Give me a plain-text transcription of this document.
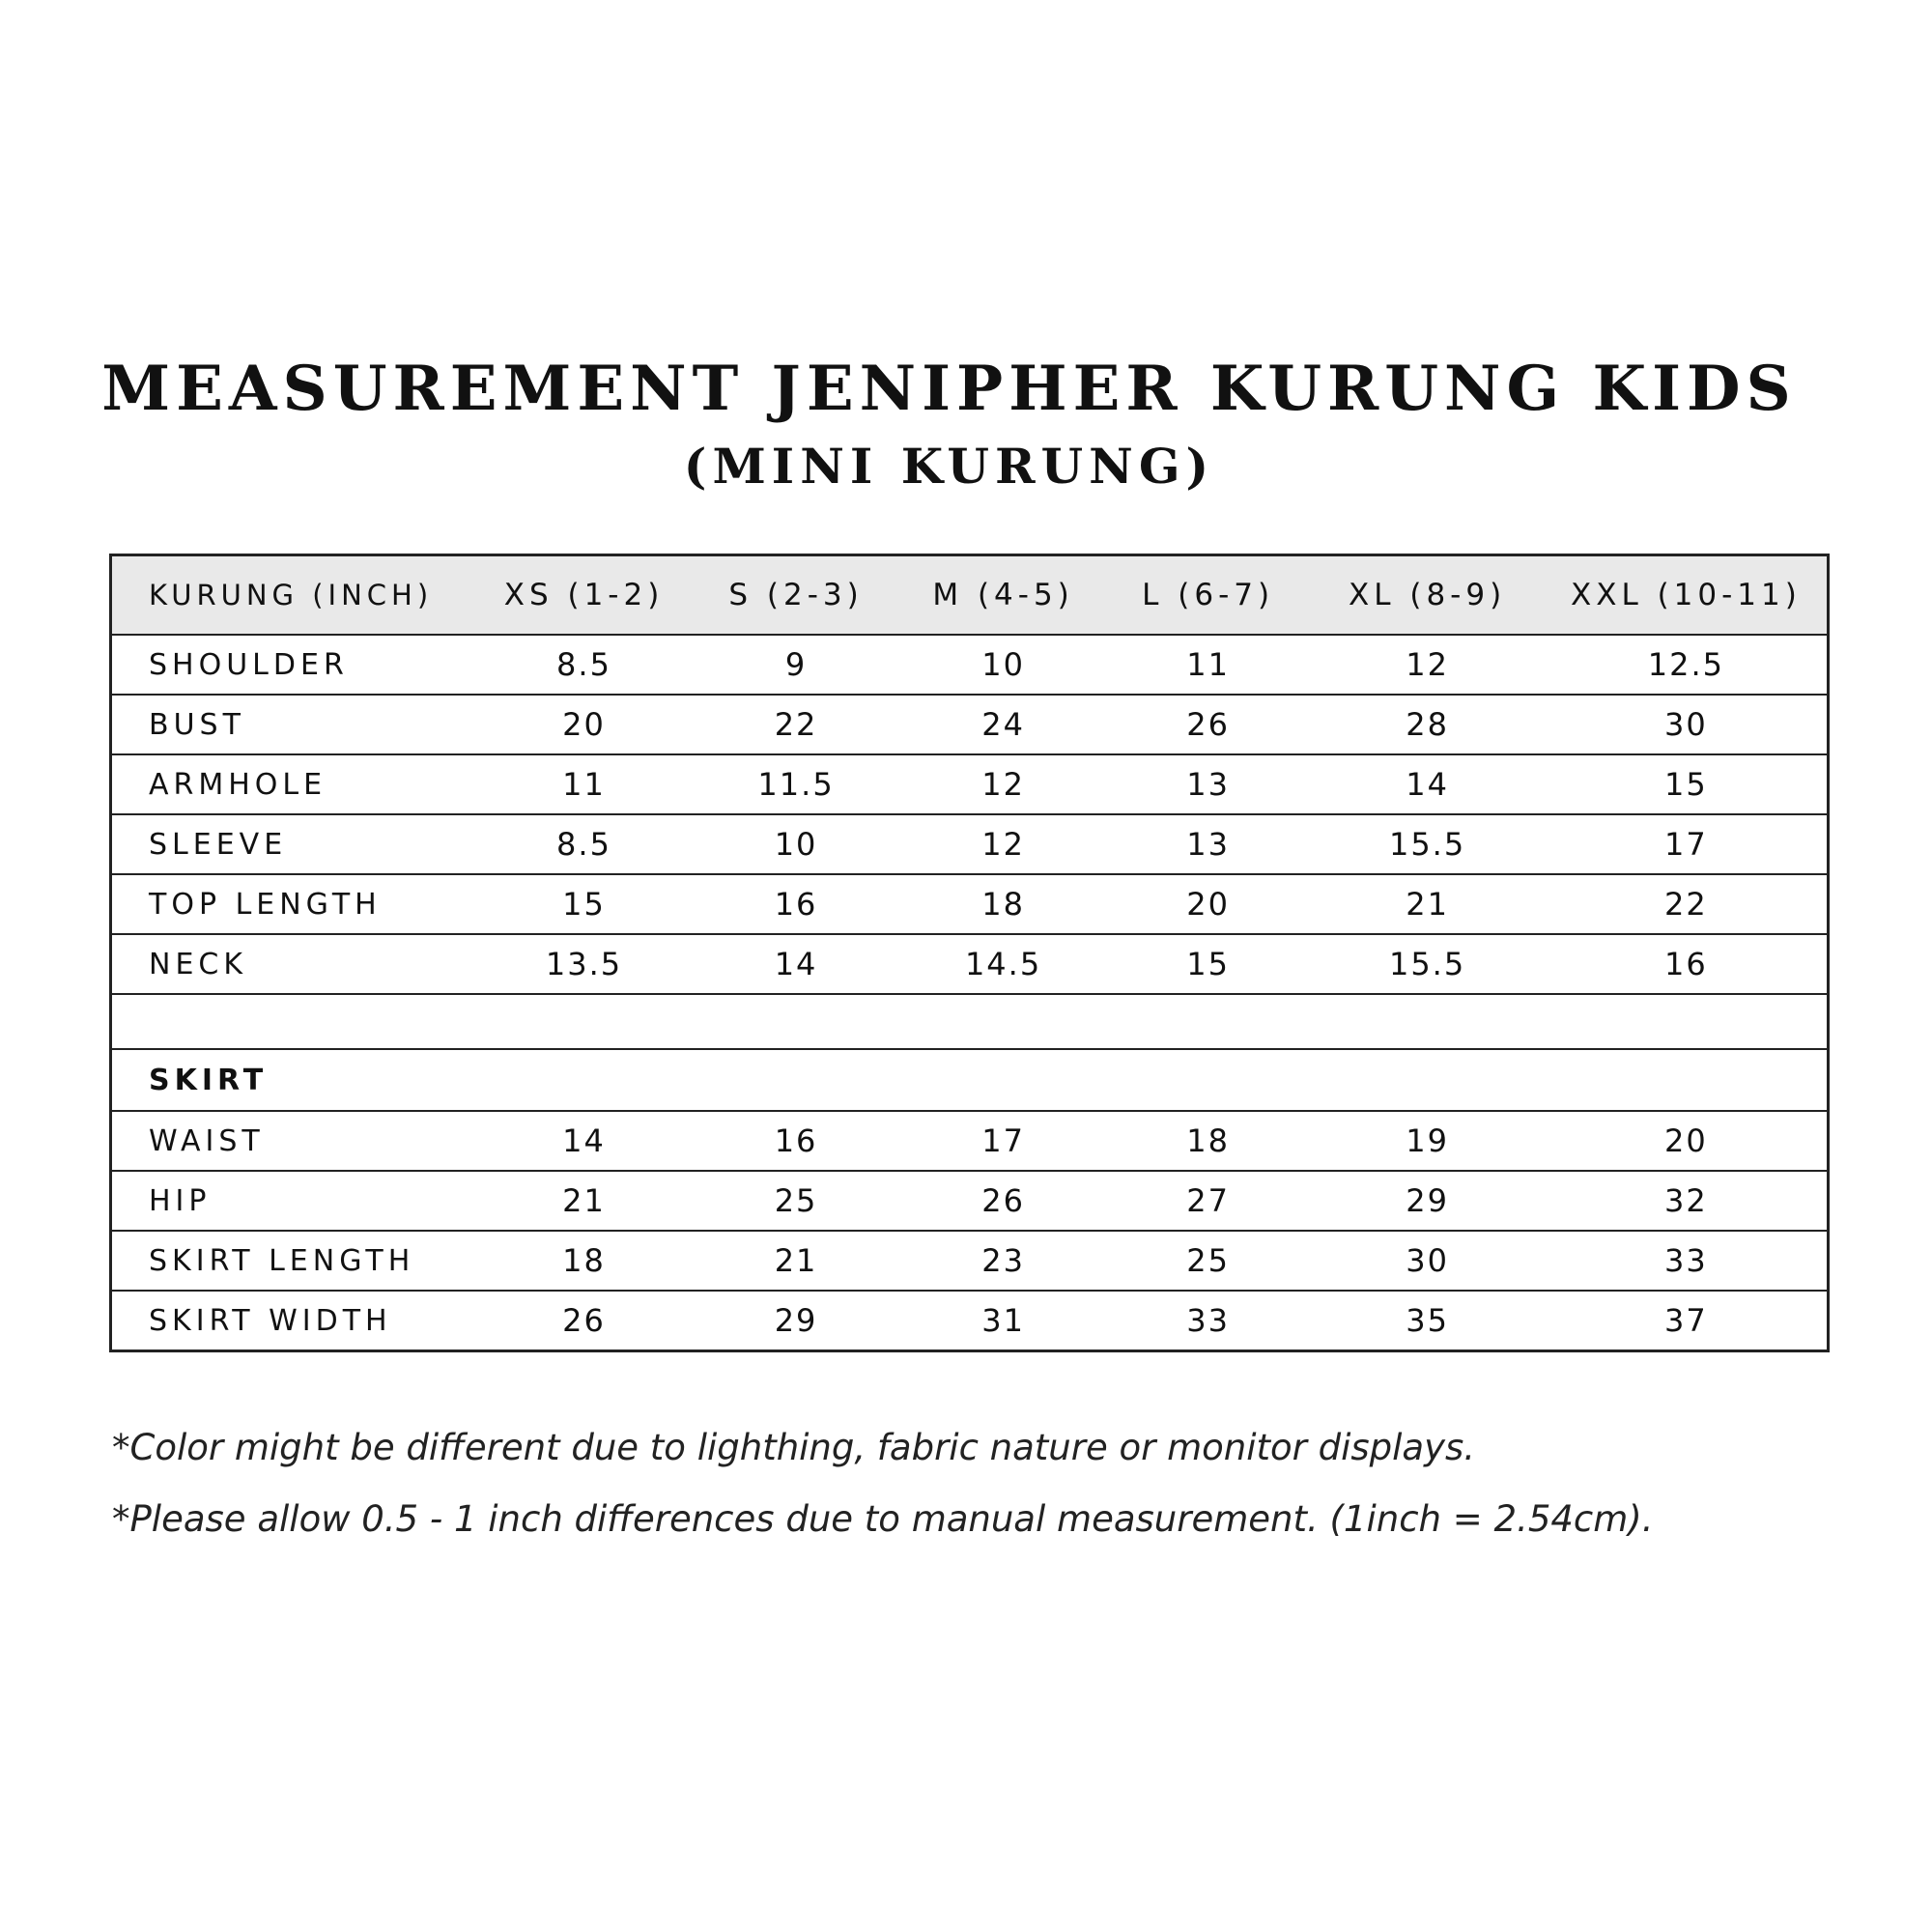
MEASUREMENT JENIPHER KURUNG KIDS
(MINI KURUNG)
KURUNG (INCH)	XS (1-2)	S (2-3)	M (4-5)	L (6-7)	XL (8-9)	XXL (10-11)
SHOULDER	8.5	9	10	11	12	12.5
BUST	20	22	24	26	28	30
ARMHOLE	11	11.5	12	13	14	15
SLEEVE	8.5	10	12	13	15.5	17
TOP LENGTH	15	16	18	20	21	22
NECK	13.5	14	14.5	15	15.5	16

SKIRT						
WAIST	14	16	17	18	19	20
HIP	21	25	26	27	29	32
SKIRT LENGTH	18	21	23	25	30	33
SKIRT WIDTH	26	29	31	33	35	37

*Color might be different due to lighthing, fabric nature or monitor displays.

*Please allow 0.5 - 1 inch differences due to manual measurement. (1inch = 2.54cm).
